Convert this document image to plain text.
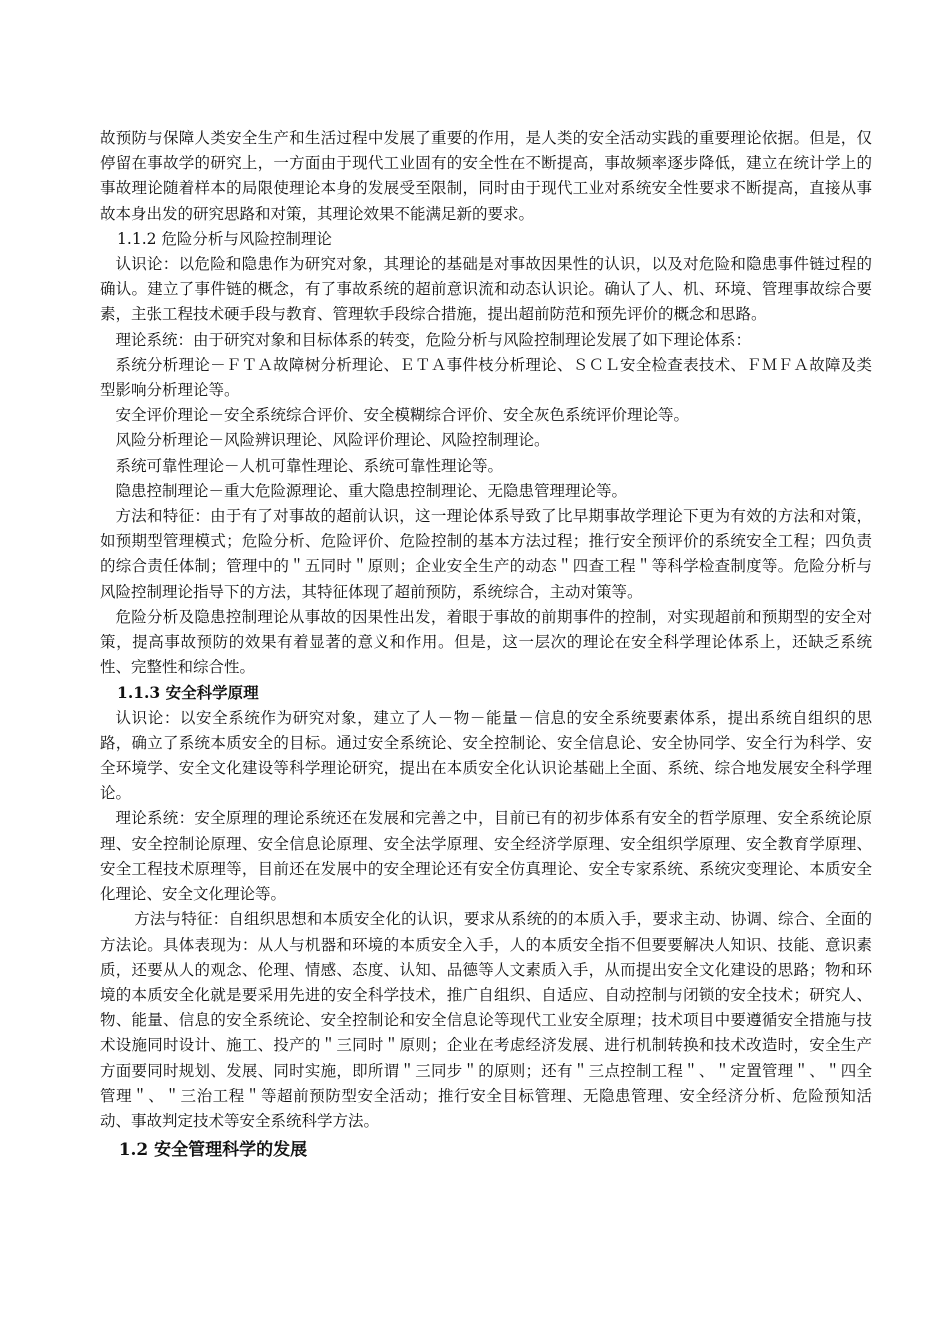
故预防与保障人类安全生产和生活过程中发展了重要的作用，是人类的安全活动实践的重要理论依据。但是，仅停留在事故学的研究上，一方面由于现代工业固有的安全性在不断提高，事故频率逐步降低，建立在统计学上的事故理论随着样本的局限使理论本身的发展受至限制，同时由于现代工业对系统安全性要求不断提高，直接从事故本身出发的研究思路和对策，其理论效果不能满足新的要求。

1.1.2 危险分析与风险控制理论

认识论：以危险和隐患作为研究对象，其理论的基础是对事故因果性的认识，以及对危险和隐患事件链过程的确认。建立了事件链的概念，有了事故系统的超前意识流和动态认识论。确认了人、机、环境、管理事故综合要素，主张工程技术硬手段与教育、管理软手段综合措施，提出超前防范和预先评价的概念和思路。

理论系统：由于研究对象和目标体系的转变，危险分析与风险控制理论发展了如下理论体系：

系统分析理论－ＦＴＡ故障树分析理论、ＥＴＡ事件枝分析理论、ＳＣＬ安全检查表技术、ＦＭＦＡ故障及类型影响分析理论等。

安全评价理论－安全系统综合评价、安全模糊综合评价、安全灰色系统评价理论等。

风险分析理论－风险辨识理论、风险评价理论、风险控制理论。

系统可靠性理论－人机可靠性理论、系统可靠性理论等。

隐患控制理论－重大危险源理论、重大隐患控制理论、无隐患管理理论等。

方法和特征：由于有了对事故的超前认识，这一理论体系导致了比早期事故学理论下更为有效的方法和对策，如预期型管理模式；危险分析、危险评价、危险控制的基本方法过程；推行安全预评价的系统安全工程；四负责的综合责任体制；管理中的＂五同时＂原则；企业安全生产的动态＂四查工程＂等科学检查制度等。危险分析与风险控制理论指导下的方法，其特征体现了超前预防，系统综合，主动对策等。

危险分析及隐患控制理论从事故的因果性出发，着眼于事故的前期事件的控制，对实现超前和预期型的安全对策，提高事故预防的效果有着显著的意义和作用。但是，这一层次的理论在安全科学理论体系上，还缺乏系统性、完整性和综合性。

1.1.3 安全科学原理

认识论：以安全系统作为研究对象，建立了人－物－能量－信息的安全系统要素体系，提出系统自组织的思路，确立了系统本质安全的目标。通过安全系统论、安全控制论、安全信息论、安全协同学、安全行为科学、安全环境学、安全文化建设等科学理论研究，提出在本质安全化认识论基础上全面、系统、综合地发展安全科学理论。

理论系统：安全原理的理论系统还在发展和完善之中，目前已有的初步体系有安全的哲学原理、安全系统论原理、安全控制论原理、安全信息论原理、安全法学原理、安全经济学原理、安全组织学原理、安全教育学原理、安全工程技术原理等，目前还在发展中的安全理论还有安全仿真理论、安全专家系统、系统灾变理论、本质安全化理论、安全文化理论等。

方法与特征：自组织思想和本质安全化的认识，要求从系统的的本质入手，要求主动、协调、综合、全面的方法论。具体表现为：从人与机器和环境的本质安全入手，人的本质安全指不但要要解决人知识、技能、意识素质，还要从人的观念、伦理、情感、态度、认知、品德等人文素质入手，从而提出安全文化建设的思路；物和环境的本质安全化就是要采用先进的安全科学技术，推广自组织、自适应、自动控制与闭锁的安全技术；研究人、物、能量、信息的安全系统论、安全控制论和安全信息论等现代工业安全原理；技术项目中要遵循安全措施与技术设施同时设计、施工、投产的＂三同时＂原则；企业在考虑经济发展、进行机制转换和技术改造时，安全生产方面要同时规划、发展、同时实施，即所谓＂三同步＂的原则；还有＂三点控制工程＂、＂定置管理＂、＂四全管理＂、＂三治工程＂等超前预防型安全活动；推行安全目标管理、无隐患管理、安全经济分析、危险预知活动、事故判定技术等安全系统科学方法。

1.2 安全管理科学的发展
